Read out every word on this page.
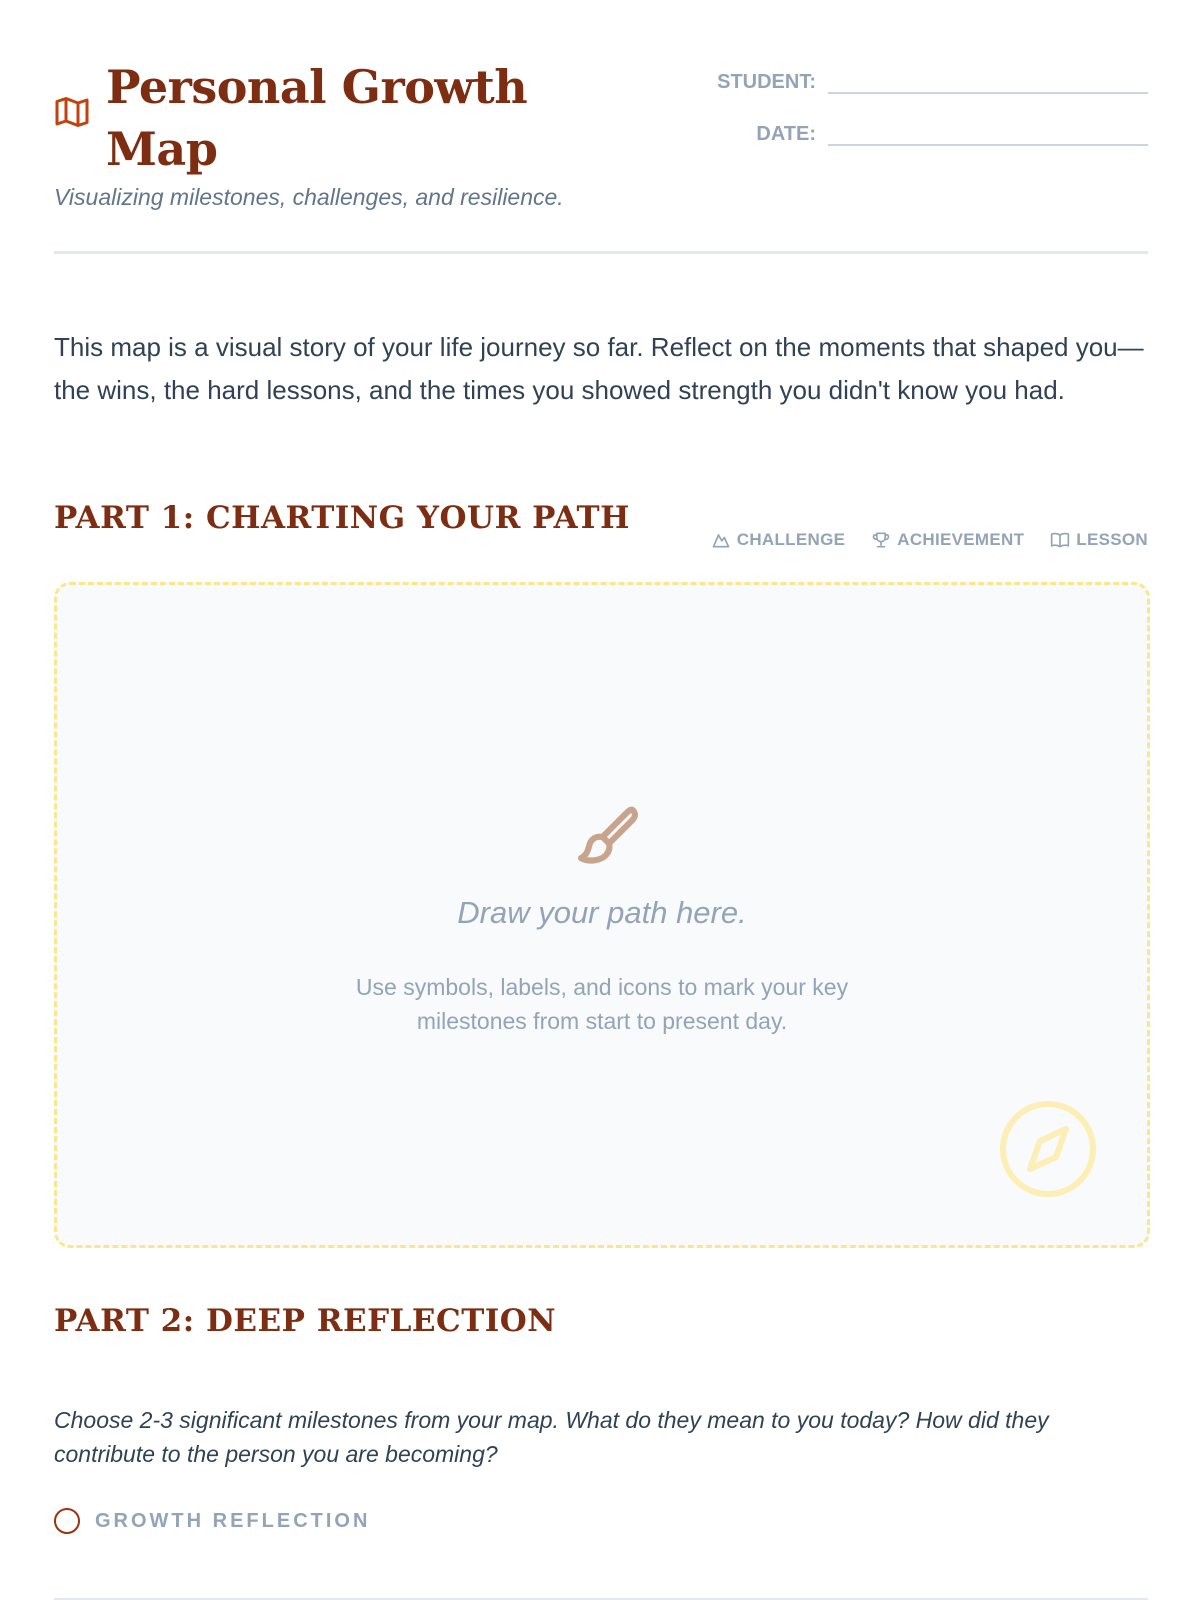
Personal Growth Map

Visualizing milestones, challenges, and resilience.

STUDENT:
DATE:

This map is a visual story of your life journey so far. Reflect on the moments that shaped you—the wins, the hard lessons, and the times you showed strength you didn't know you had.

PART 1: CHARTING YOUR PATH
CHALLENGE	ACHIEVEMENT	LESSON

Draw your path here.

Use symbols, labels, and icons to mark your key milestones from start to present day.

PART 2: DEEP REFLECTION

Choose 2-3 significant milestones from your map. What do they mean to you today? How did they contribute to the person you are becoming?

GROWTH REFLECTION
